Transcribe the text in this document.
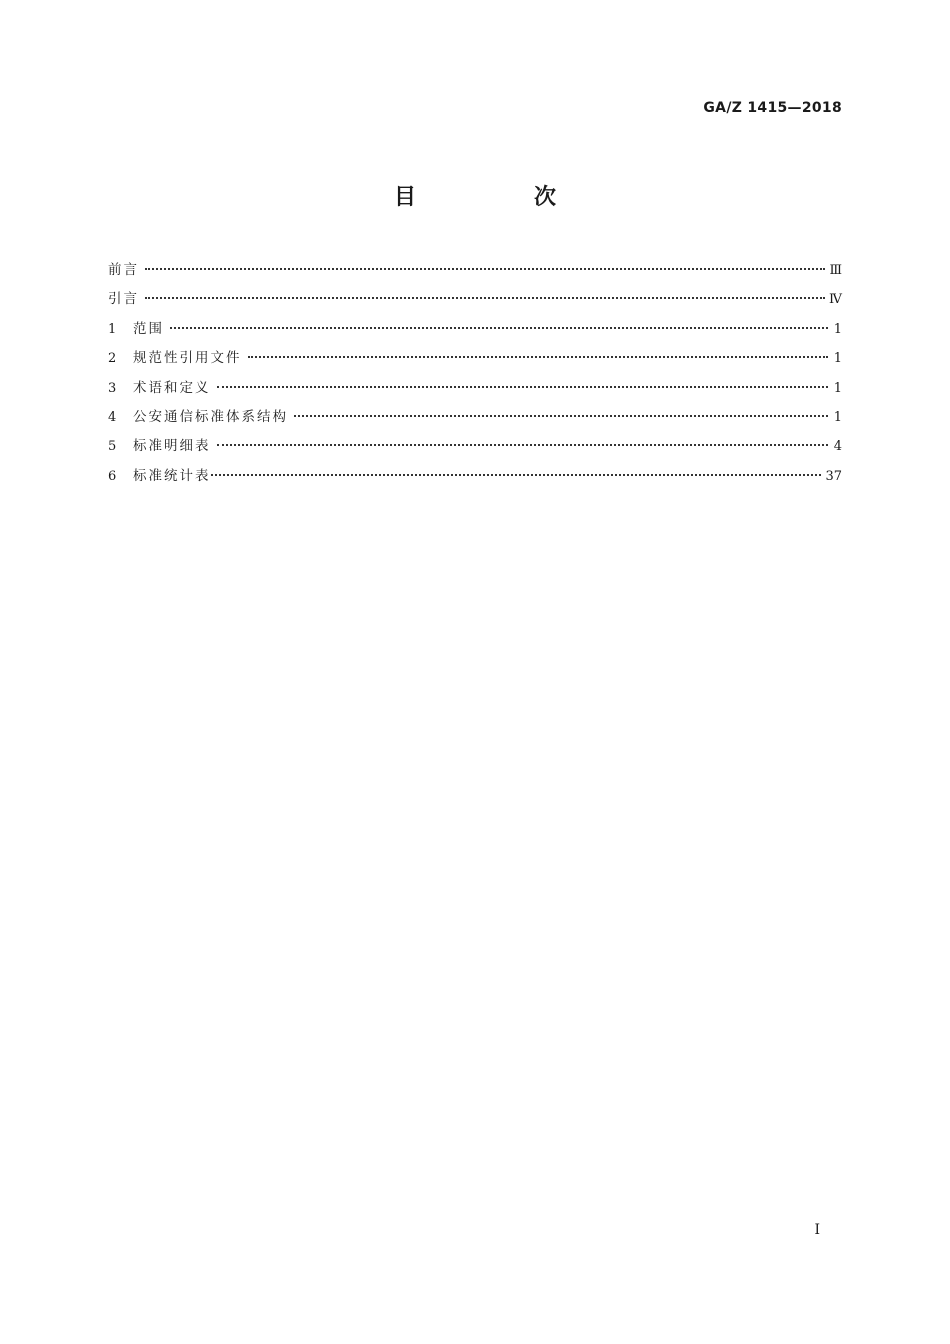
GA/Z 1415—2018
目　次
前言	Ⅲ
引言	Ⅳ
1	范围	1
2	规范性引用文件	1
3	术语和定义	1
4	公安通信标准体系结构	1
5	标准明细表	4
6	标准统计表	37
I
